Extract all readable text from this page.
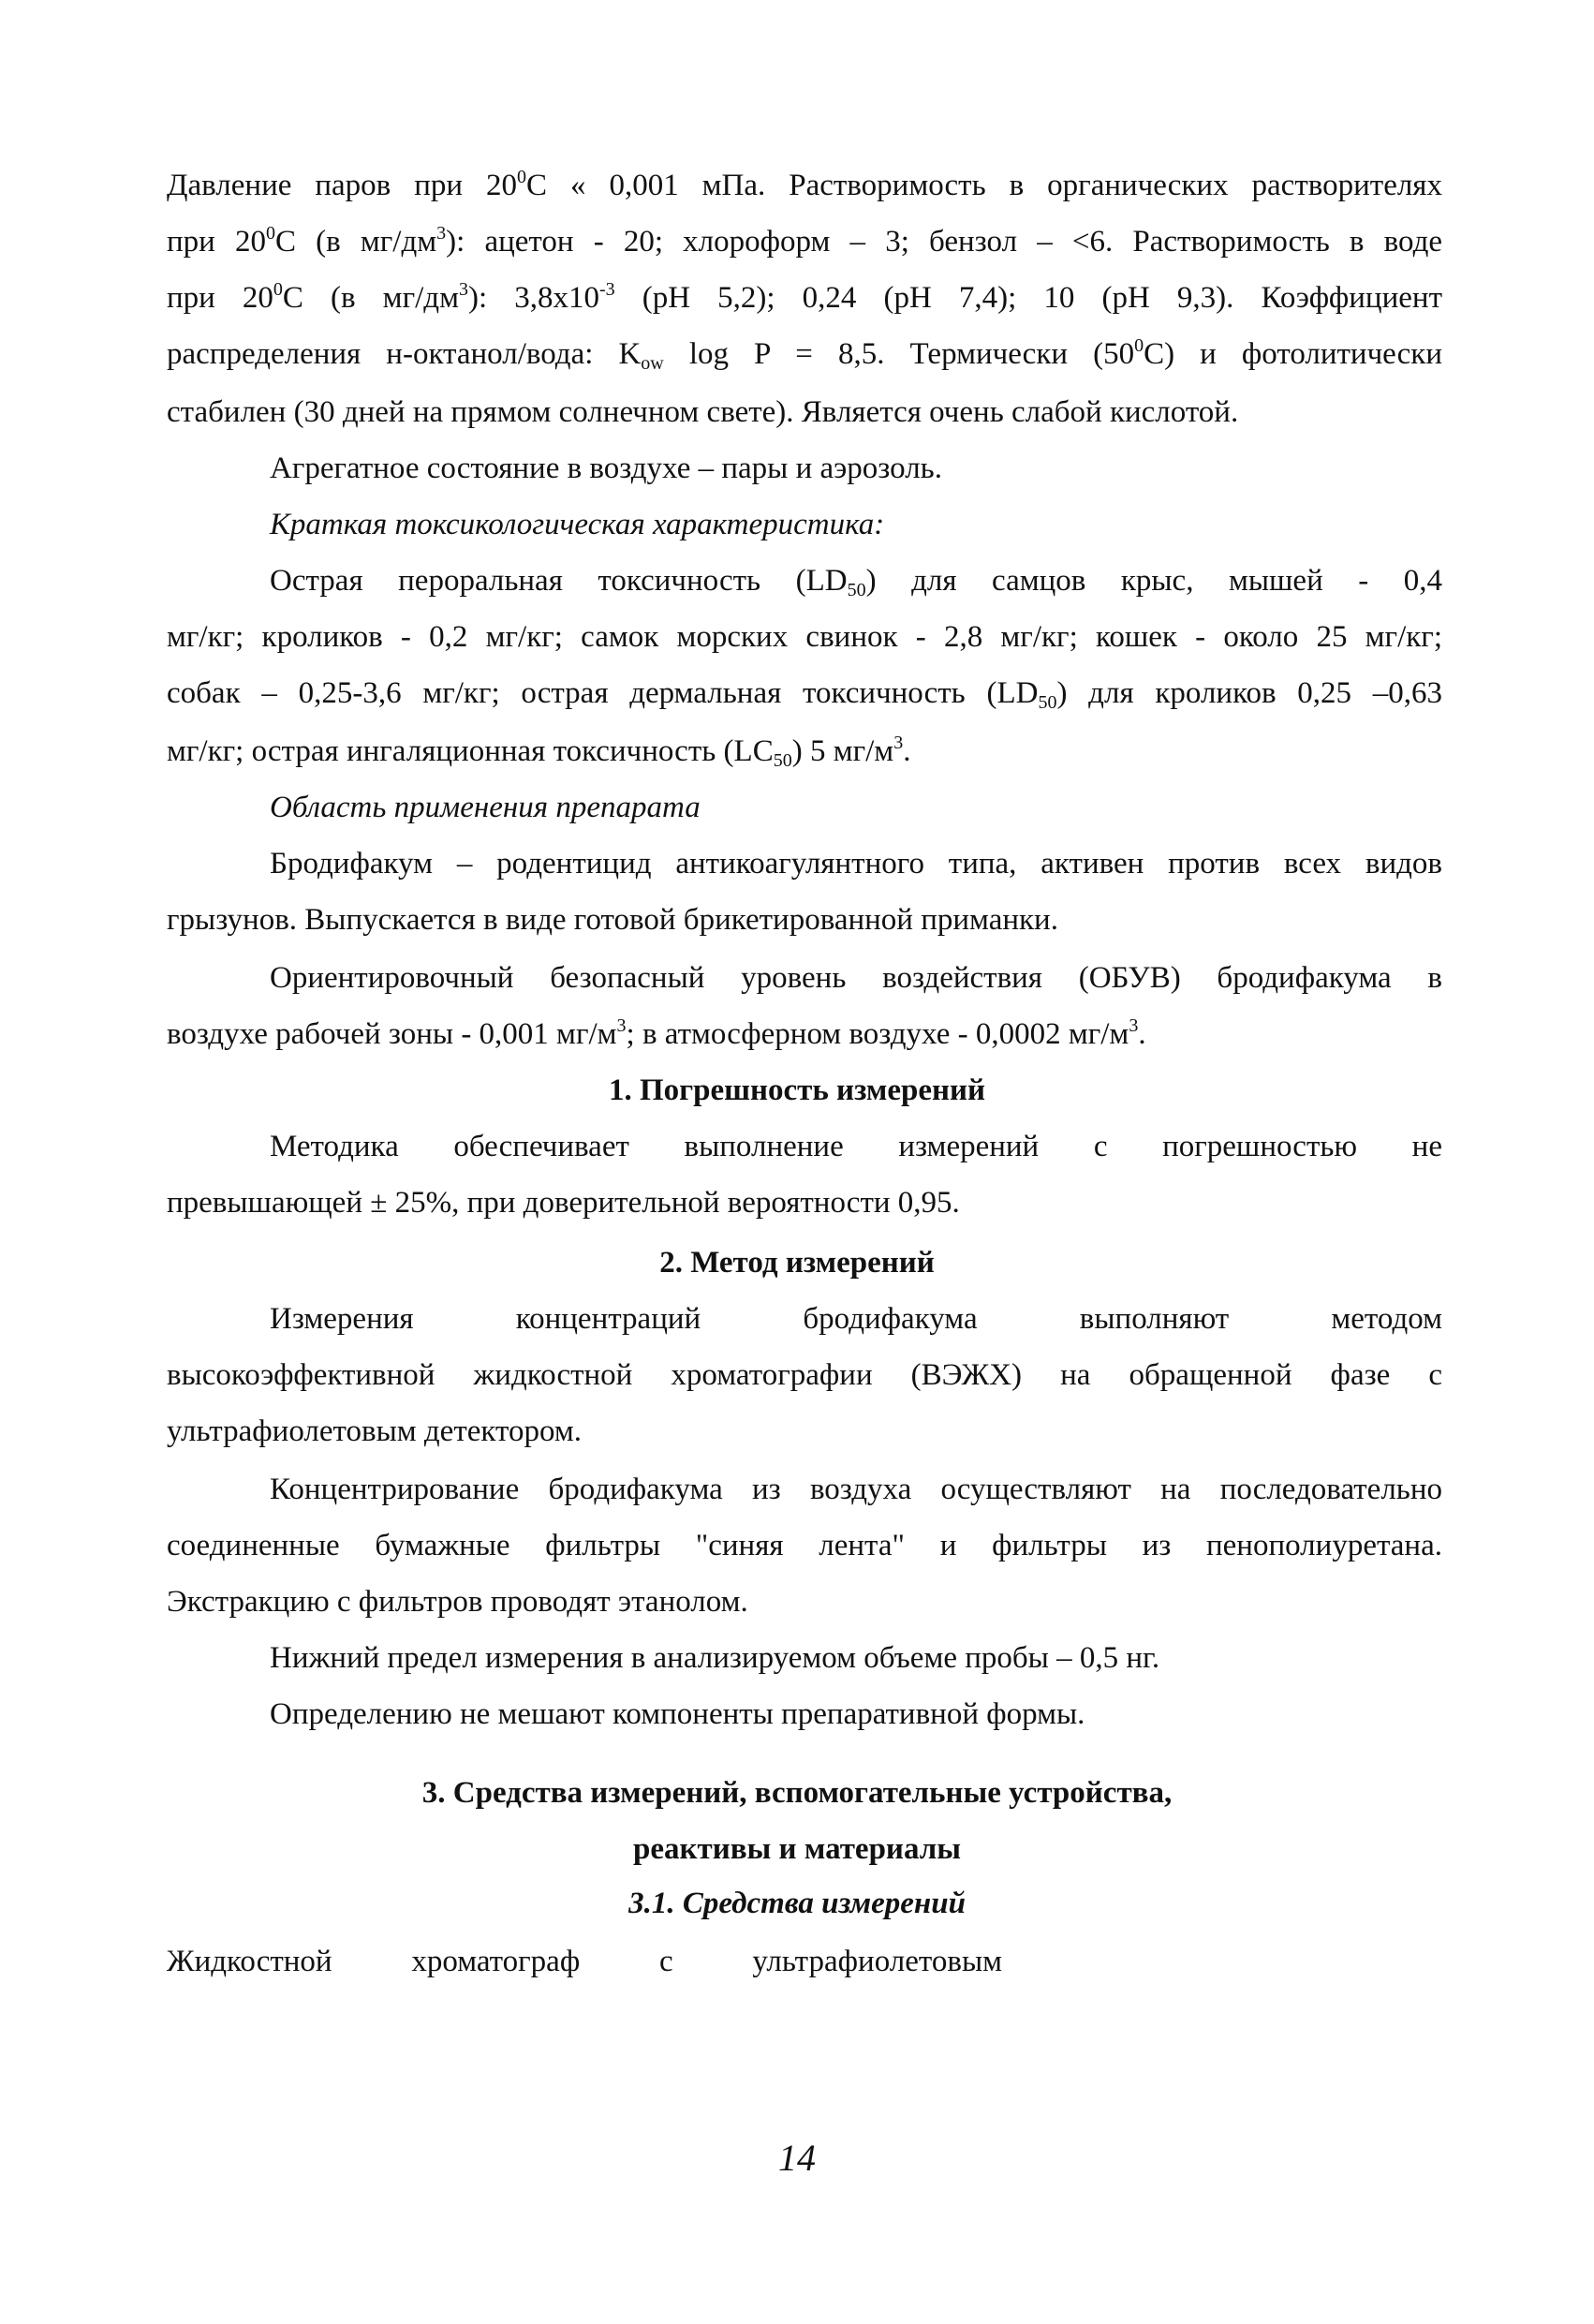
Давление паров при $20^0С$ « 0,001 мПа. Растворимость в органических растворителях
при $20^0С$ (в $мг/дм^3$): ацетон - 20; хлороформ – 3; бензол – <6. Растворимость в воде
при $20^0С$ (в $мг/дм^3$): $3,8х10^{-3}$ (pH 5,2); 0,24 (pH 7,4); 10 (pH 9,3). Коэффициент
распределения н-октанол/вода: $K_{ow}$ log P = 8,5. Термически $(50^0С)$ и фотолитически
стабилен (30 дней на прямом солнечном свете). Является очень слабой кислотой.
Агрегатное состояние в воздухе – пары и аэрозоль.
Краткая токсикологическая характеристика:
Острая пероральная токсичность $(LD_{50})$ для самцов крыс, мышей - 0,4
мг/кг; кроликов - 0,2 мг/кг; самок морских свинок - 2,8 мг/кг; кошек - около 25 мг/кг;
собак – 0,25-3,6 мг/кг; острая дермальная токсичность $(LD_{50})$ для кроликов 0,25 –0,63
мг/кг; острая ингаляционная токсичность $(LC_{50})$ 5 $мг/м^3$.
Область применения препарата
Бродифакум – родентицид антикоагулянтного типа, активен против всех видов
грызунов. Выпускается в виде готовой брикетированной приманки.
Ориентировочный безопасный уровень воздействия (ОБУВ) бродифакума в
воздухе рабочей зоны - 0,001 $мг/м^3$; в атмосферном воздухе - 0,0002 $мг/м^3$.
1. Погрешность измерений
Методика обеспечивает выполнение измерений с погрешностью не
превышающей ± 25%, при доверительной вероятности 0,95.
2. Метод измерений
Измерения концентраций бродифакума выполняют методом
высокоэффективной жидкостной хроматографии (ВЭЖХ) на обращенной фазе с
ультрафиолетовым детектором.
Концентрирование бродифакума из воздуха осуществляют на последовательно
соединенные бумажные фильтры "синяя лента" и фильтры из пенополиуретана.
Экстракцию с фильтров проводят этанолом.
Нижний предел измерения в анализируемом объеме пробы – 0,5 нг.
Определению не мешают компоненты препаративной формы.
3. Средства измерений, вспомогательные устройства,
реактивы и материалы
3.1. Средства измерений
Жидкостной хроматограф с ультрафиолетовым
14
